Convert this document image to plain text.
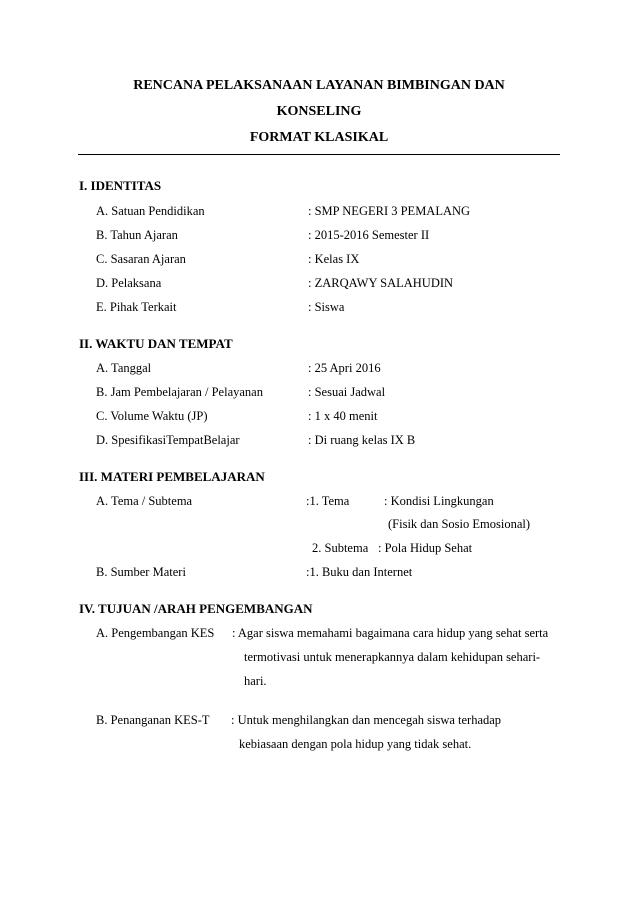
RENCANA PELAKSANAAN LAYANAN BIMBINGAN DAN
KONSELING
FORMAT KLASIKAL
I. IDENTITAS
A. Satuan Pendidikan	: SMP NEGERI 3 PEMALANG
B. Tahun Ajaran	: 2015-2016 Semester II
C. Sasaran Ajaran	: Kelas IX
D. Pelaksana	: ZARQAWY SALAHUDIN
E. Pihak Terkait	: Siswa
II. WAKTU DAN TEMPAT
A. Tanggal	: 25 Apri 2016
B. Jam Pembelajaran / Pelayanan	: Sesuai Jadwal
C. Volume Waktu (JP)	: 1 x 40 menit
D. SpesifikasiTempatBelajar	: Di ruang kelas IX B
III. MATERI PEMBELAJARAN
A. Tema / Subtema	:1. Tema	: Kondisi Lingkungan
(Fisik dan Sosio Emosional)
2. Subtema : Pola Hidup Sehat
B. Sumber Materi	:1. Buku dan Internet
IV. TUJUAN /ARAH PENGEMBANGAN
A. Pengembangan KES : Agar siswa memahami bagaimana cara hidup yang sehat serta
termotivasi untuk menerapkannya dalam kehidupan sehari-
hari.
B. Penanganan KES-T : Untuk menghilangkan dan mencegah siswa terhadap
kebiasaan dengan pola hidup yang tidak sehat.
